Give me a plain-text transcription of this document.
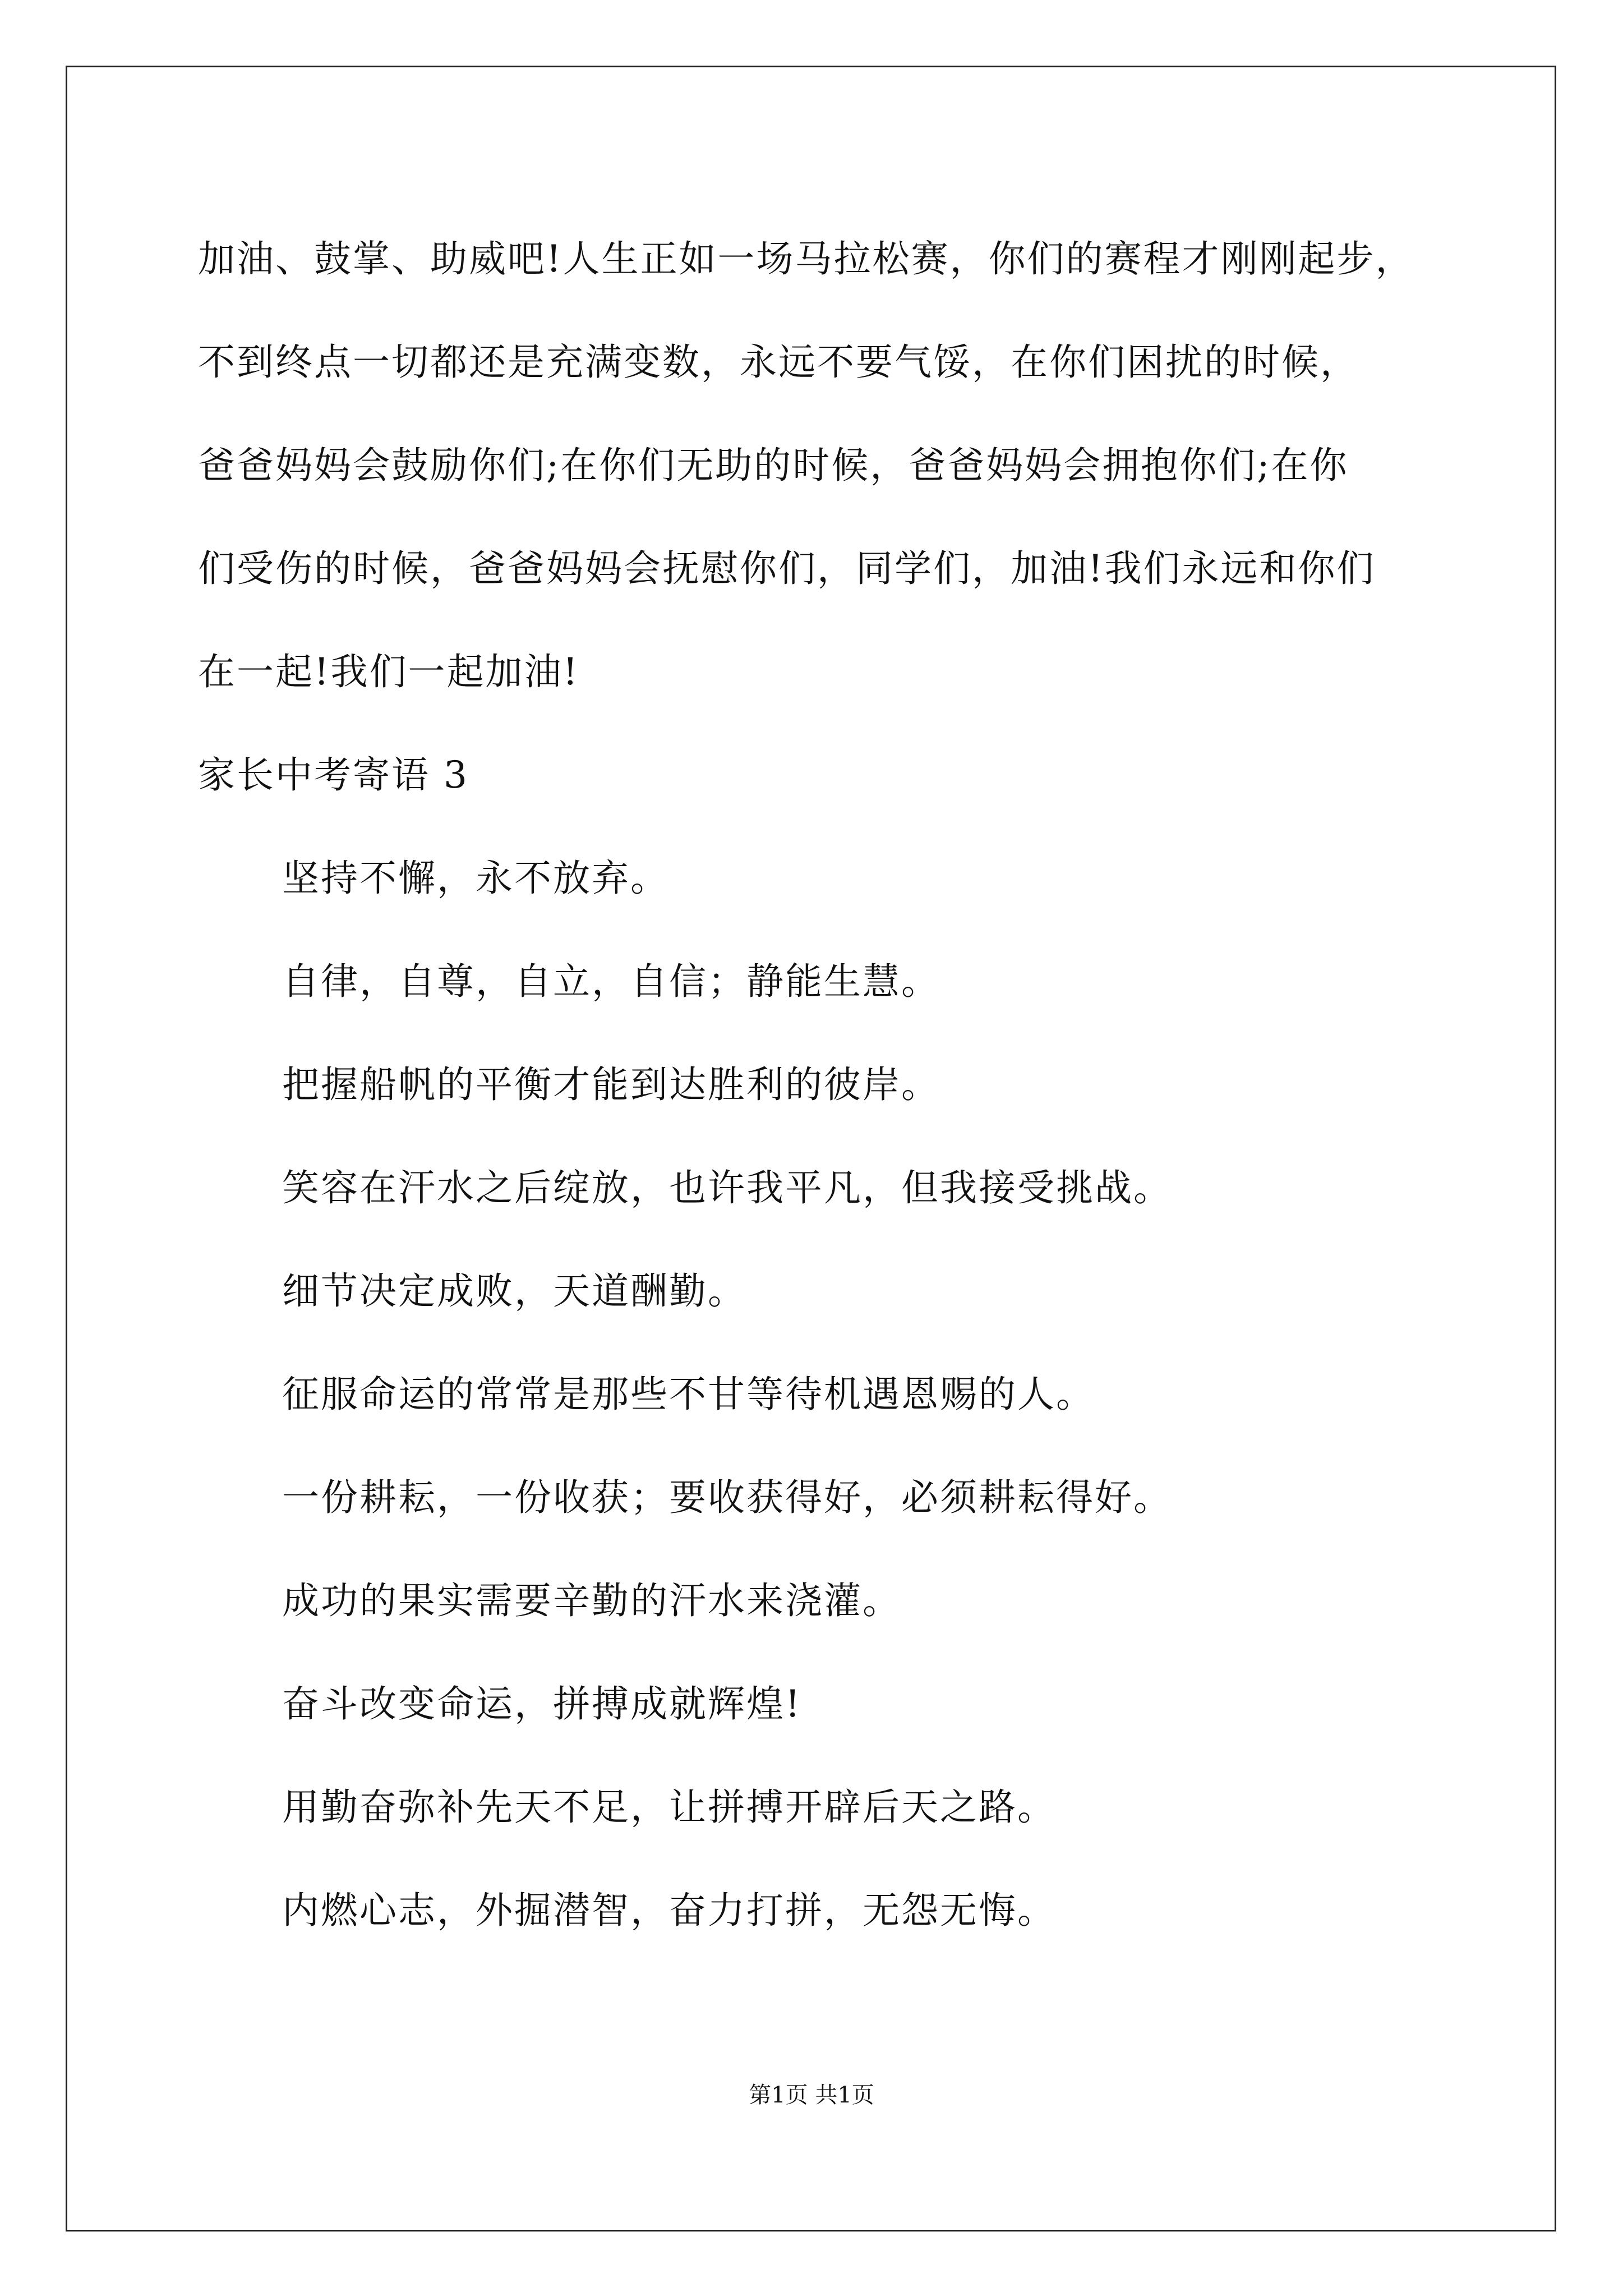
加油、鼓掌、助威吧!人生正如一场马拉松赛，你们的赛程才刚刚起步，

不到终点一切都还是充满变数，永远不要气馁，在你们困扰的时候，

爸爸妈妈会鼓励你们;在你们无助的时候，爸爸妈妈会拥抱你们;在你

们受伤的时候，爸爸妈妈会抚慰你们，同学们，加油!我们永远和你们

在一起!我们一起加油!

家长中考寄语 3

坚持不懈，永不放弃。

自律，自尊，自立，自信；静能生慧。

把握船帆的平衡才能到达胜利的彼岸。

笑容在汗水之后绽放，也许我平凡，但我接受挑战。

细节决定成败，天道酬勤。

征服命运的常常是那些不甘等待机遇恩赐的人。

一份耕耘，一份收获；要收获得好，必须耕耘得好。

成功的果实需要辛勤的汗水来浇灌。

奋斗改变命运，拼搏成就辉煌!

用勤奋弥补先天不足，让拼搏开辟后天之路。

内燃心志，外掘潜智，奋力打拼，无怨无悔。

第1页 共1页
